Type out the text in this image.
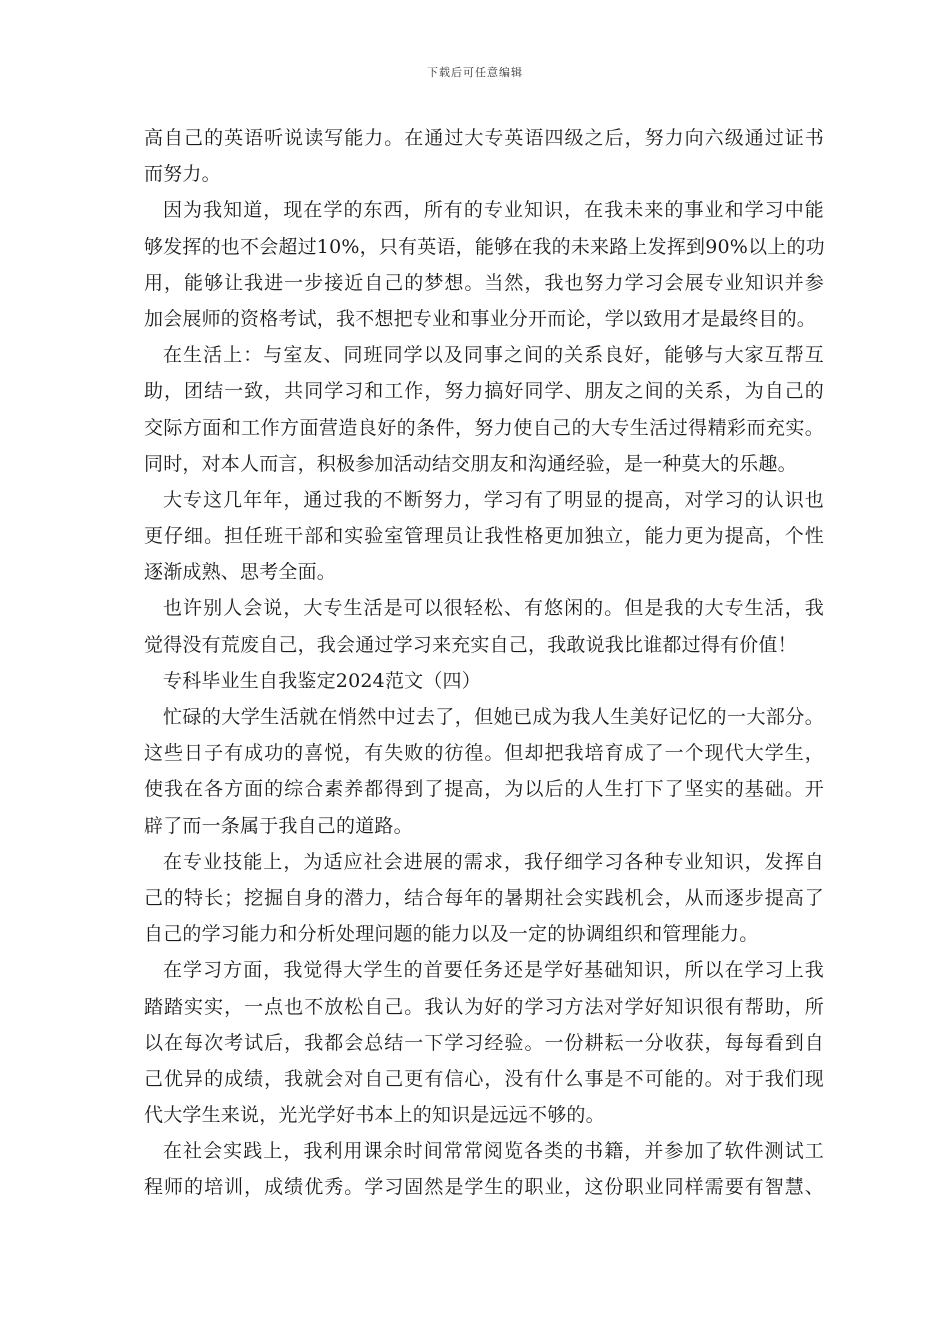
下载后可任意编辑
高自己的英语听说读写能力。在通过大专英语四级之后，努力向六级通过证书
而努力。
因为我知道，现在学的东西，所有的专业知识，在我未来的事业和学习中能
够发挥的也不会超过10%，只有英语，能够在我的未来路上发挥到90%以上的功
用，能够让我进一步接近自己的梦想。当然，我也努力学习会展专业知识并参
加会展师的资格考试，我不想把专业和事业分开而论，学以致用才是最终目的。
在生活上：与室友、同班同学以及同事之间的关系良好，能够与大家互帮互
助，团结一致，共同学习和工作，努力搞好同学、朋友之间的关系，为自己的
交际方面和工作方面营造良好的条件，努力使自己的大专生活过得精彩而充实。
同时，对本人而言，积极参加活动结交朋友和沟通经验，是一种莫大的乐趣。
大专这几年年，通过我的不断努力，学习有了明显的提高，对学习的认识也
更仔细。担任班干部和实验室管理员让我性格更加独立，能力更为提高，个性
逐渐成熟、思考全面。
也许别人会说，大专生活是可以很轻松、有悠闲的。但是我的大专生活，我
觉得没有荒废自己，我会通过学习来充实自己，我敢说我比谁都过得有价值！
专科毕业生自我鉴定2024范文（四）
忙碌的大学生活就在悄然中过去了，但她已成为我人生美好记忆的一大部分。
这些日子有成功的喜悦，有失败的彷徨。但却把我培育成了一个现代大学生，
使我在各方面的综合素养都得到了提高，为以后的人生打下了坚实的基础。开
辟了而一条属于我自己的道路。
在专业技能上，为适应社会进展的需求，我仔细学习各种专业知识，发挥自
己的特长；挖掘自身的潜力，结合每年的暑期社会实践机会，从而逐步提高了
自己的学习能力和分析处理问题的能力以及一定的协调组织和管理能力。
在学习方面，我觉得大学生的首要任务还是学好基础知识，所以在学习上我
踏踏实实，一点也不放松自己。我认为好的学习方法对学好知识很有帮助，所
以在每次考试后，我都会总结一下学习经验。一份耕耘一分收获，每每看到自
己优异的成绩，我就会对自己更有信心，没有什么事是不可能的。对于我们现
代大学生来说，光光学好书本上的知识是远远不够的。
在社会实践上，我利用课余时间常常阅览各类的书籍，并参加了软件测试工
程师的培训，成绩优秀。学习固然是学生的职业，这份职业同样需要有智慧、
